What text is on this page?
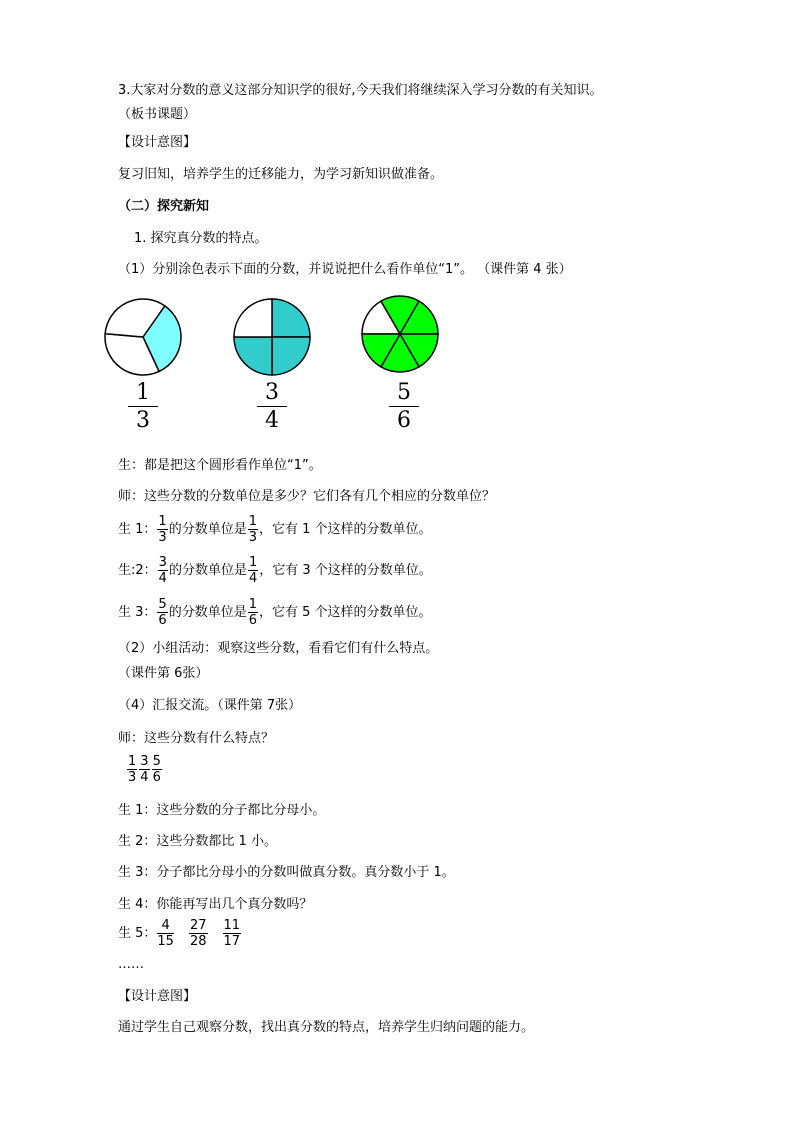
3.大家对分数的意义这部分知识学的很好,今天我们将继续深入学习分数的有关知识。
（板书课题）
【设计意图】
复习旧知，培养学生的迁移能力，为学习新知识做准备。
（二）探究新知
1. 探究真分数的特点。
（1）分别涂色表示下面的分数，并说说把什么看作单位“1”。 （课件第 4 张）
$\frac{1}{3}$	$\frac{3}{4}$	$\frac{5}{6}$
生：都是把这个圆形看作单位“1”。
师：这些分数的分数单位是多少？它们各有几个相应的分数单位？
生 1： $\frac{1}{3}$ 的分数单位是 $\frac{1}{3}$ ，它有 1 个这样的分数单位。
生:2： $\frac{3}{4}$ 的分数单位是 $\frac{1}{4}$ ，它有 3 个这样的分数单位。
生 3： $\frac{5}{6}$ 的分数单位是 $\frac{1}{6}$ ，它有 5 个这样的分数单位。
（2）小组活动：观察这些分数，看看它们有什么特点。
（课件第 6张）
（4）汇报交流。（课件第 7张）
师：这些分数有什么特点？
$\frac{1}{3} \frac{3}{4} \frac{5}{6}$
生 1：这些分数的分子都比分母小。
生 2：这些分数都比 1 小。
生 3：分子都比分母小的分数叫做真分数。真分数小于 1。
生 4：你能再写出几个真分数吗？
生 5： $\frac{4}{15} \frac{27}{28} \frac{11}{17}$
……
【设计意图】
通过学生自己观察分数，找出真分数的特点，培养学生归纳问题的能力。
